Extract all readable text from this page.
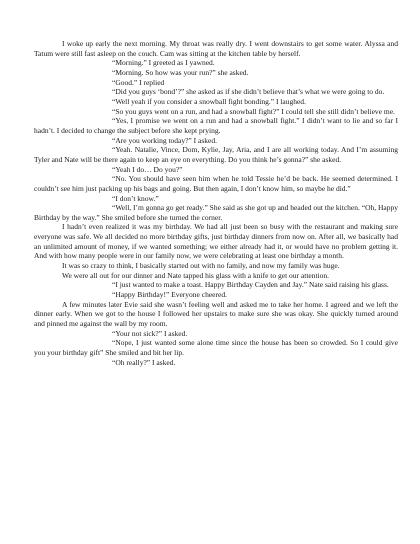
I woke up early the next morning. My throat was really dry. I went downstairs to get some water. Alyssa and Tatum were still fast asleep on the couch. Cam was sitting at the kitchen table by herself.

“Morning.” I greeted as I yawned.

“Morning. So how was your run?” she asked.

“Good.” I replied

“Did you guys ‘bond’?” she asked as if she didn’t believe that’s what we were going to do.

“Well yeah if you consider a snowball fight bonding.” I laughed.

“So you guys went on a run, and had a snowball fight?” I could tell she still didn’t believe me.

“Yes, I promise we went on a run and had a snowball fight.” I didn’t want to lie and so far I hadn’t. I decided to change the subject before she kept prying.

“Are you working today?” I asked.

“Yeah. Natalie, Vince, Dom, Kylie, Jay, Aria, and I are all working today. And I’m assuming Tyler and Nate will be there again to keep an eye on everything. Do you think he’s gonna?” she asked.

“Yeah I do… Do you?”

“No. You should have seen him when he told Tessie he’d be back. He seemed determined. I couldn’t see him just packing up his bags and going. But then again, I don’t know him, so maybe he did.”

“I don’t know.”

“Well, I’m gonna go get ready.” She said as she got up and headed out the kitchen. “Oh, Happy Birthday by the way.” She smiled before she turned the corner.

I hadn’t even realized it was my birthday. We had all just been so busy with the restaurant and making sure everyone was safe. We all decided no more birthday gifts, just birthday dinners from now on. After all, we basically had an unlimited amount of money, if we wanted something; we either already had it, or would have no problem getting it. And with how many people were in our family now, we were celebrating at least one birthday a month.

It was so crazy to think, I basically started out with no family, and now my family was huge.

We were all out for our dinner and Nate tapped his glass with a knife to get our attention.

“I just wanted to make a toast. Happy Birthday Cayden and Jay.” Nate said raising his glass.

“Happy Birthday!” Everyone cheered.

A few minutes later Evie said she wasn’t feeling well and asked me to take her home. I agreed and we left the dinner early. When we got to the house I followed her upstairs to make sure she was okay. She quickly turned around and pinned me against the wall by my room.

“Your not sick?” I asked.

“Nope, I just wanted some alone time since the house has been so crowded. So I could give you your birthday gift” She smiled and bit her lip.

“Oh really?” I asked.
